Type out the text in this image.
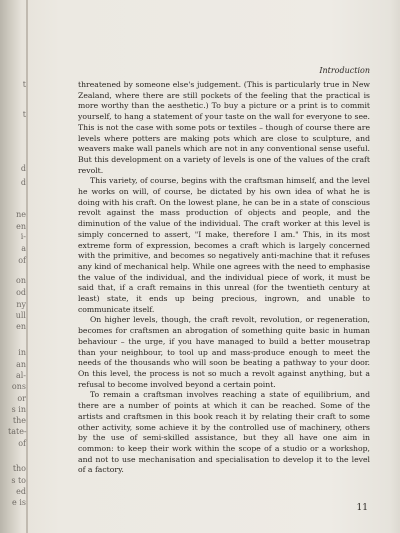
t
t
d
d
ne
en
i-
a
of
on
od
ny
ull
en
in
an
al-
ons
or
s in
the
tate-
of
tho
s to
ed
e is
Introduction

threatened by someone else's judgement. (This is particularly true in New Zealand, where there are still pockets of the feeling that the practical is more worthy than the aesthetic.) To buy a picture or a print is to commit yourself, to hang a statement of your taste on the wall for everyone to see. This is not the case with some pots or textiles – though of course there are levels where potters are making pots which are close to sculpture, and weavers make wall panels which are not in any conventional sense useful. But this development on a variety of levels is one of the values of the craft revolt.

This variety, of course, begins with the craftsman himself, and the level he works on will, of course, be dictated by his own idea of what he is doing with his craft. On the lowest plane, he can be in a state of conscious revolt against the mass production of objects and people, and the diminution of the value of the individual. The craft worker at this level is simply concerned to assert, "I make, therefore I am." This, in its most extreme form of expression, becomes a craft which is largely concerned with the primitive, and becomes so negatively anti-machine that it refuses any kind of mechanical help. While one agrees with the need to emphasise the value of the individual, and the individual piece of work, it must be said that, if a craft remains in this unreal (for the twentieth century at least) state, it ends up being precious, ingrown, and unable to communicate itself.

On higher levels, though, the craft revolt, revolution, or regeneration, becomes for craftsmen an abrogation of something quite basic in human behaviour – the urge, if you have managed to build a better mousetrap than your neighbour, to tool up and mass-produce enough to meet the needs of the thousands who will soon be beating a pathway to your door. On this level, the process is not so much a revolt against anything, but a refusal to become involved beyond a certain point.

To remain a craftsman involves reaching a state of equilibrium, and there are a number of points at which it can be reached. Some of the artists and craftsmen in this book reach it by relating their craft to some other activity, some achieve it by the controlled use of machinery, others by the use of semi-skilled assistance, but they all have one aim in common: to keep their work within the scope of a studio or a workshop, and not to use mechanisation and specialisation to develop it to the level of a factory.

11
